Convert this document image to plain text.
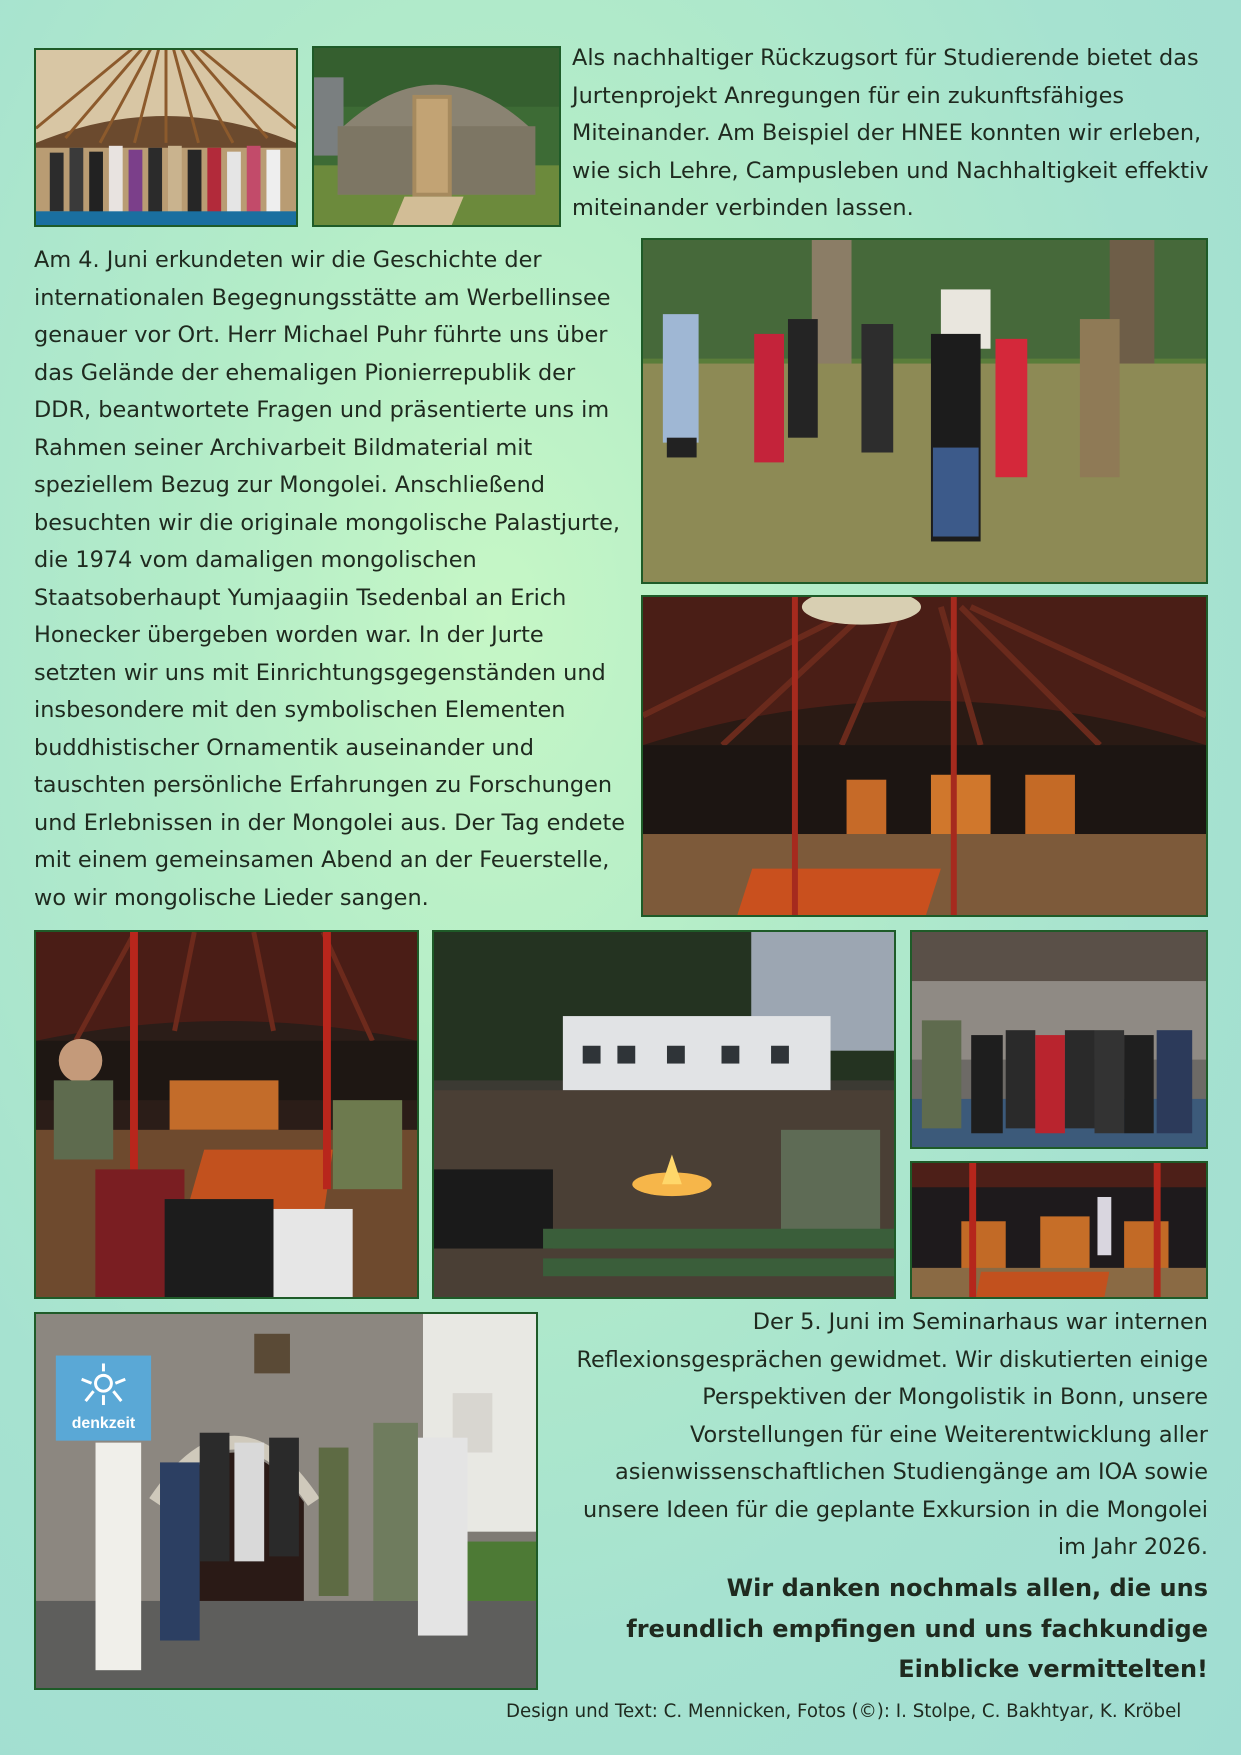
Als nachhaltiger Rückzugsort für Studierende bietet das Jurtenprojekt Anregungen für ein zukunftsfähiges Miteinander. Am Beispiel der HNEE konnten wir erleben, wie sich Lehre, Campusleben und Nachhaltigkeit effektiv miteinander verbinden lassen.

Am 4. Juni erkundeten wir die Geschichte der internationalen Begegnungsstätte am Werbellinsee genauer vor Ort. Herr Michael Puhr führte uns über das Gelände der ehemaligen Pionierrepublik der DDR, beantwortete Fragen und präsentierte uns im Rahmen seiner Archivarbeit Bildmaterial mit speziellem Bezug zur Mongolei. Anschließend besuchten wir die originale mongolische Palastjurte, die 1974 vom damaligen mongolischen Staatsoberhaupt Yumjaagiin Tsedenbal an Erich Honecker übergeben worden war. In der Jurte setzten wir uns mit Einrichtungsgegenständen und insbesondere mit den symbolischen Elementen buddhistischer Ornamentik auseinander und tauschten persönliche Erfahrungen zu Forschungen und Erlebnissen in der Mongolei aus. Der Tag endete mit einem gemeinsamen Abend an der Feuerstelle, wo wir mongolische Lieder sangen.

denkzeit

Der 5. Juni im Seminarhaus war internen Reflexionsgesprächen gewidmet. Wir diskutierten einige Perspektiven der Mongolistik in Bonn, unsere Vorstellungen für eine Weiterentwicklung aller asienwissenschaftlichen Studiengänge am IOA sowie unsere Ideen für die geplante Exkursion in die Mongolei im Jahr 2026.

Wir danken nochmals allen, die uns freundlich empfingen und uns fachkundige Einblicke vermittelten!

Design und Text: C. Mennicken, Fotos (©): I. Stolpe, C. Bakhtyar, K. Kröbel
